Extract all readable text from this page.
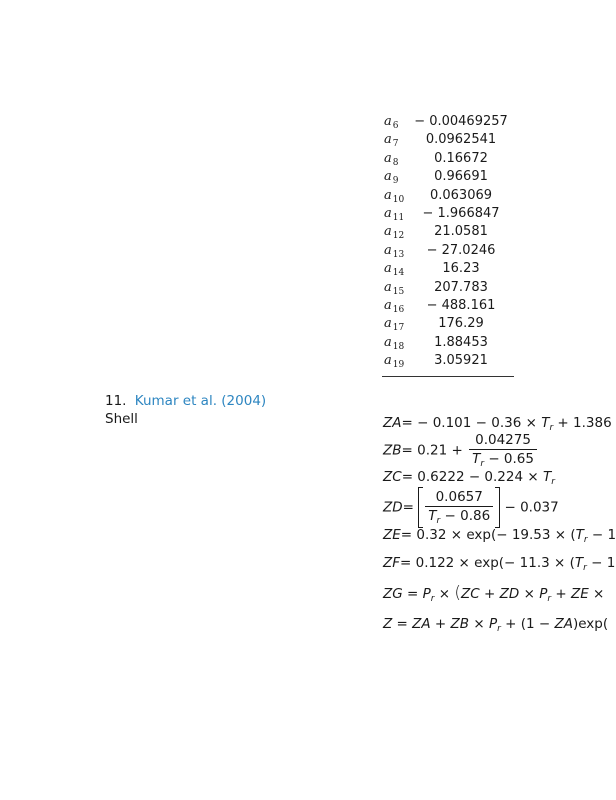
$a_6$	− 0.00469257
$a_7$	0.0962541
$a_8$	0.16672
$a_9$	0.96691
$a_{10}$	0.063069
$a_{11}$	− 1.966847
$a_{12}$	21.0581
$a_{13}$	− 27.0246
$a_{14}$	16.23
$a_{15}$	207.783
$a_{16}$	− 488.161
$a_{17}$	176.29
$a_{18}$	1.88453
$a_{19}$	3.05921
11. Kumar et al. (2004)
Shell	$ZA= - 0.101 - 0.36 \times T_r + 1.386$
$ZB= 0.21 + \frac{0.04275}{T_r - 0.65}$
$ZC= 0.6222 - 0.224 \times T_r$
$ZD= \frac{0.0657}{T_r - 0.86} - 0.037$
$ZE= 0.32 \times \exp(- 19.53 \times (T_r - 1$
$ZF= 0.122 \times \exp(- 11.3 \times (T_r - 1$
ZG = $P_r \times (ZC$ + ZD × $P_r$ + ZE ×
Z = ZA + ZB × $P_r + (1 - ZA)\exp$(
